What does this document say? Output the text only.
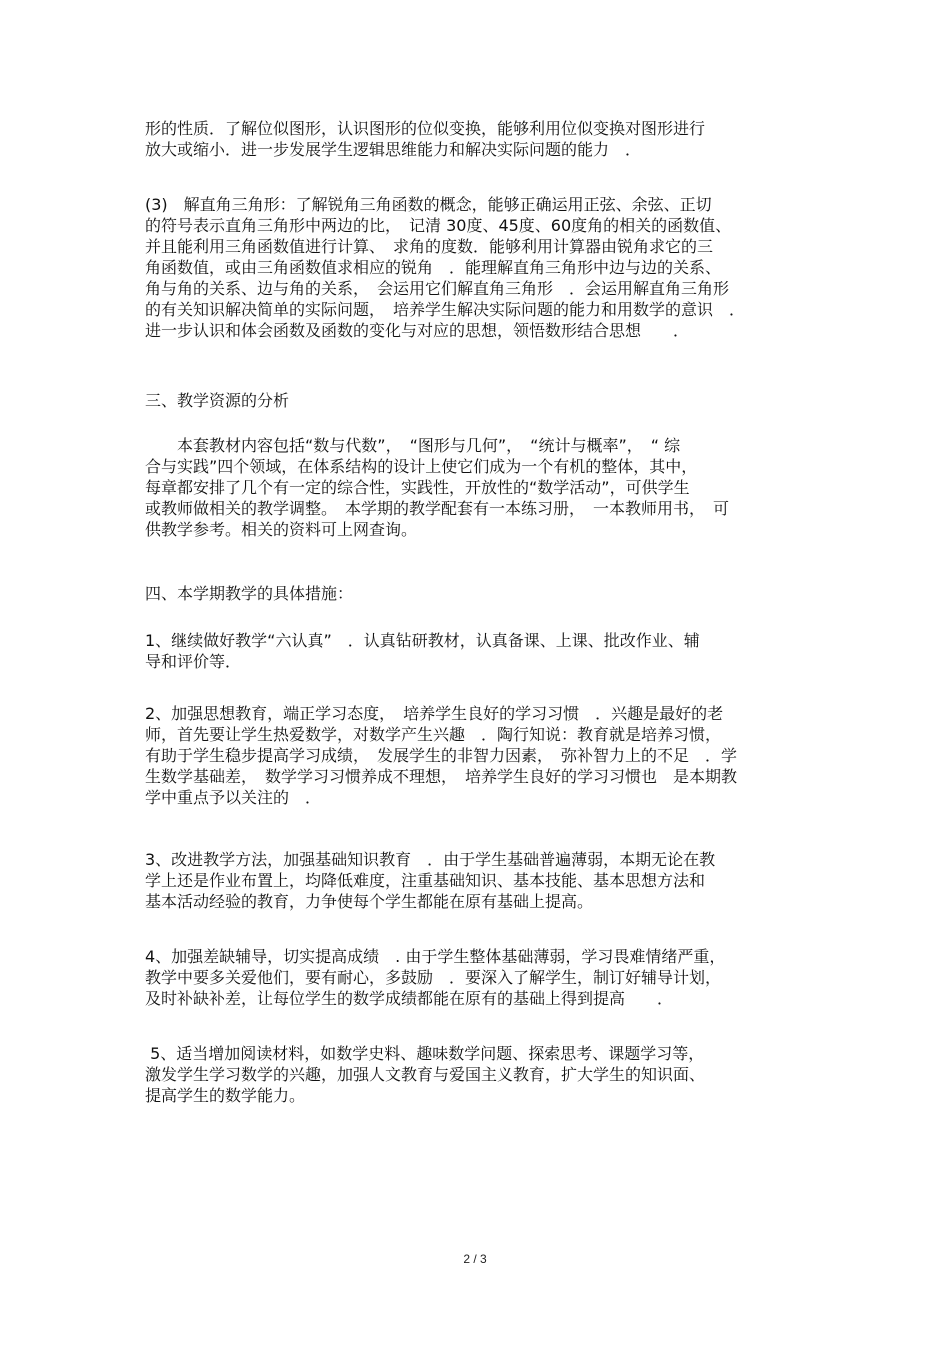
形的性质．了解位似图形，认识图形的位似变换，能够利用位似变换对图形进行
放大或缩小．进一步发展学生逻辑思维能力和解决实际问题的能力　．
(3)　解直角三角形：了解锐角三角函数的概念，能够正确运用正弦、余弦、正切
的符号表示直角三角形中两边的比，　记清 30度、45度、60度角的相关的函数值、
并且能利用三角函数值进行计算、　求角的度数．能够利用计算器由锐角求它的三
角函数值，或由三角函数值求相应的锐角　．能理解直角三角形中边与边的关系、
角与角的关系、边与角的关系，　会运用它们解直角三角形　．会运用解直角三角形
的有关知识解决简单的实际问题，　培养学生解决实际问题的能力和用数学的意识　．
进一步认识和体会函数及函数的变化与对应的思想，领悟数形结合思想　　．
三、教学资源的分析
　　本套教材内容包括“数与代数”，　“图形与几何”，　“统计与概率”，　“ 综
合与实践”四个领域，在体系结构的设计上使它们成为一个有机的整体，其中，
每章都安排了几个有一定的综合性，实践性，开放性的“数学活动”，可供学生
或教师做相关的教学调整。　本学期的教学配套有一本练习册，　一本教师用书，　可
供教学参考。相关的资料可上网查询。
四、本学期教学的具体措施：
1、继续做好教学“六认真”　．认真钻研教材，认真备课、上课、批改作业、辅
导和评价等．
2、加强思想教育，端正学习态度，　培养学生良好的学习习惯　．兴趣是最好的老
师，首先要让学生热爱数学，对数学产生兴趣　．陶行知说：教育就是培养习惯，
有助于学生稳步提高学习成绩，　发展学生的非智力因素，　弥补智力上的不足　．学
生数学基础差，　数学学习习惯养成不理想，　培养学生良好的学习习惯也　是本期教
学中重点予以关注的　．
3、改进教学方法，加强基础知识教育　．由于学生基础普遍薄弱，本期无论在教
学上还是作业布置上，均降低难度，注重基础知识、基本技能、基本思想方法和
基本活动经验的教育，力争使每个学生都能在原有基础上提高。
4、加强差缺辅导，切实提高成绩　. 由于学生整体基础薄弱，学习畏难情绪严重，
教学中要多关爱他们，要有耐心，多鼓励　．要深入了解学生，制订好辅导计划，
及时补缺补差，让每位学生的数学成绩都能在原有的基础上得到提高　　．
5、适当增加阅读材料，如数学史料、趣味数学问题、探索思考、课题学习等，
激发学生学习数学的兴趣，加强人文教育与爱国主义教育，扩大学生的知识面、
提高学生的数学能力。
2 / 3
